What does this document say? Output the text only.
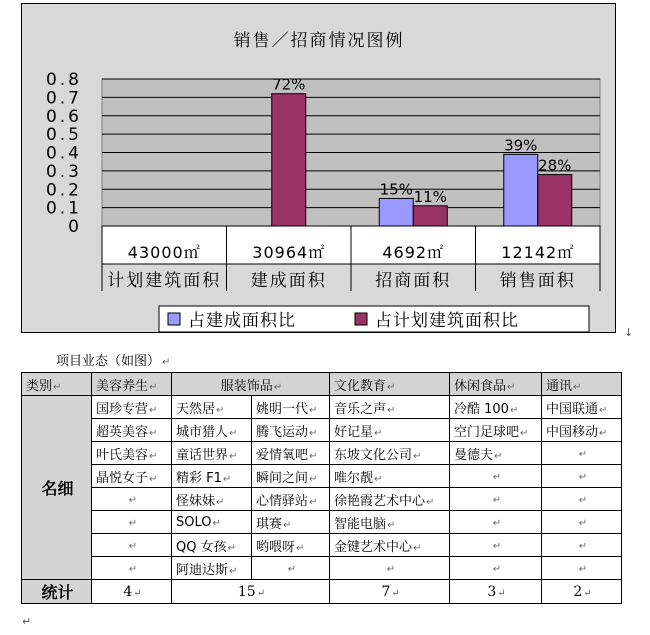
销售／招商情况图例
0
0.1
0.2
0.3
0.4
0.5
0.6
0.7
0.8
43000㎡	30964㎡	4692㎡	12142㎡
计划建筑面积 建成面积	招商面积	销售面积
15%
39%
72%
11%
28%
占建成面积比	占计划建筑面积比
↓
项目业态（如图） ↵
类别↵	美容养生↵	服装饰品↵		文化教育↵	休闲食品↵	通讯↵
名细	国珍专营↵	天然居↵	姚明一代↵	音乐之声↵	冷酷 100↵	中国联通↵
	超英美容↵	城市猎人↵	腾飞运动↵	好记星↵	空门足球吧↵	中国移动↵
	叶氏美容↵	童话世界↵	爱情氧吧↵	东坡文化公司↵	曼德夫↵	↵
	晶悦女子↵	精彩 F1↵	瞬间之间↵	唯尔靓↵	↵	↵
	↵	怪妹妹↵	心情驿站↵	徐艳霞艺术中心↵	↵	↵
	↵	SOLO↵	琪赛↵	智能电脑↵	↵	↵
	↵	QQ 女孩↵	哟喂呀↵	金键艺术中心↵	↵	↵
	↵	阿迪达斯↵	↵	↵	↵	↵
统计	4↵	15↵		7↵	3↵	2↵
↵
